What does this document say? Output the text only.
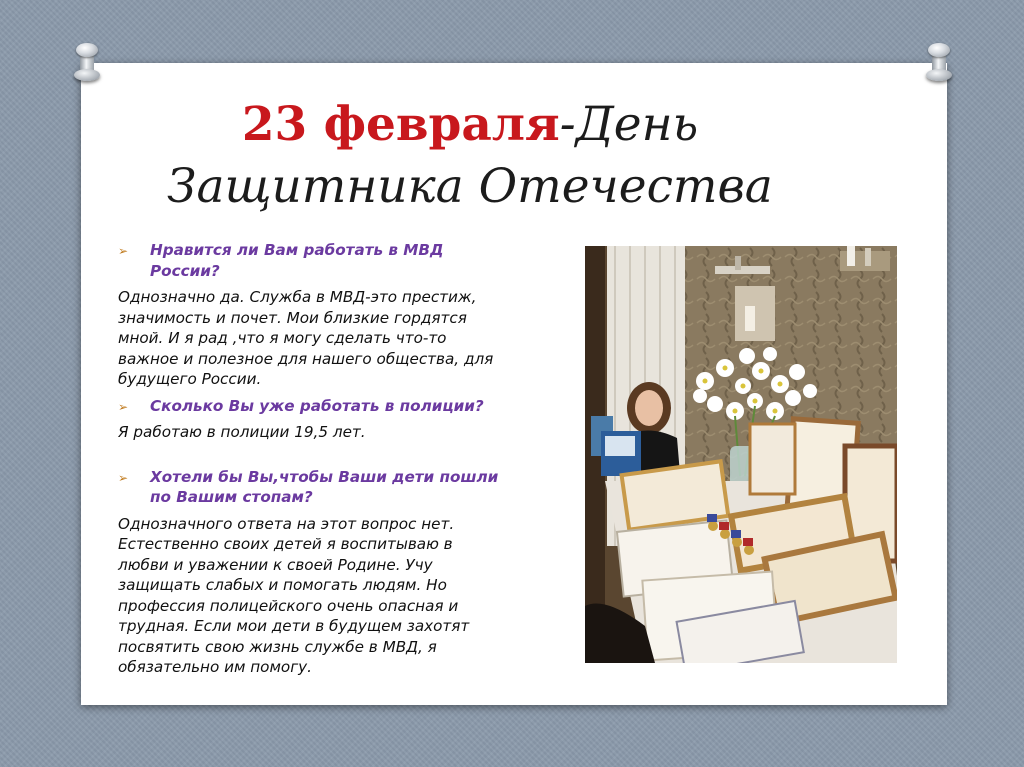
23 февраля-День
Защитника Отечества

➢ Нравится ли Вам работать в МВД России?

Однозначно да. Служба в МВД-это престиж, значимость и почет. Мои близкие гордятся мной. И я рад ,что я могу сделать что-то важное и полезное для нашего общества, для будущего России.

➢ Сколько Вы уже работать в полиции?

Я работаю в полиции 19,5 лет.

➢ Хотели бы Вы,чтобы Ваши дети пошли по Вашим стопам?

Однозначного ответа на этот вопрос нет. Естественно своих детей я воспитываю в любви и уважении к своей Родине. Учу защищать слабых и помогать людям. Но профессия полицейского очень опасная и трудная. Если мои дети в будущем захотят посвятить свою жизнь службе в МВД, я обязательно им помогу.
